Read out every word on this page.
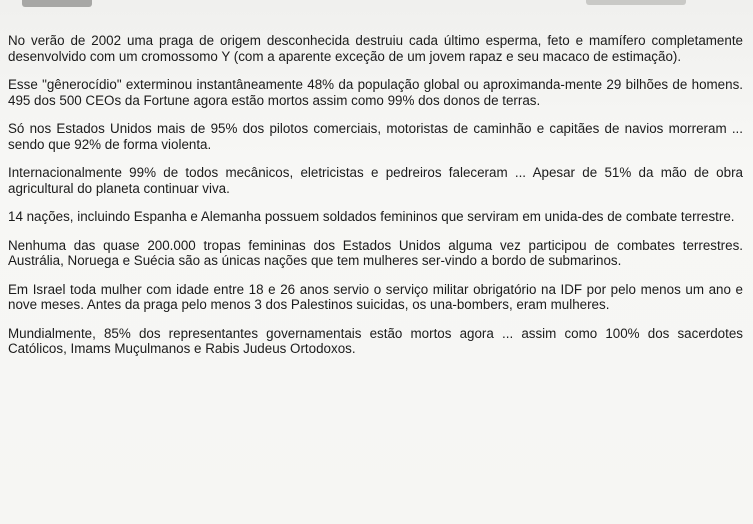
No verão de 2002 uma praga de origem desconhecida destruiu cada último esperma, feto e mamífero completamente desenvolvido com um cromossomo Y (com a aparente exceção de um jovem rapaz e seu macaco de estimação).

Esse "gênerocídio" exterminou instantâneamente 48% da população global ou aproximanda-mente 29 bilhões de homens. 495 dos 500 CEOs da Fortune agora estão mortos assim como 99% dos donos de terras.

Só nos Estados Unidos mais de 95% dos pilotos comerciais, motoristas de caminhão e capitães de navios morreram ... sendo que 92% de forma violenta.

Internacionalmente 99% de todos mecânicos, eletricistas e pedreiros faleceram ... Apesar de 51% da mão de obra agricultural do planeta continuar viva.

14 nações, incluindo Espanha e Alemanha possuem soldados femininos que serviram em unida-des de combate terrestre.

Nenhuma das quase 200.000 tropas femininas dos Estados Unidos alguma vez participou de combates terrestres. Austrália, Noruega e Suécia são as únicas nações que tem mulheres ser-vindo a bordo de submarinos.

Em Israel toda mulher com idade entre 18 e 26 anos servio o serviço militar obrigatório na IDF por pelo menos um ano e nove meses. Antes da praga pelo menos 3 dos Palestinos suicidas, os una-bombers, eram mulheres.

Mundialmente, 85% dos representantes governamentais estão mortos agora ... assim como 100% dos sacerdotes Católicos, Imams Muçulmanos e Rabis Judeus Ortodoxos.
